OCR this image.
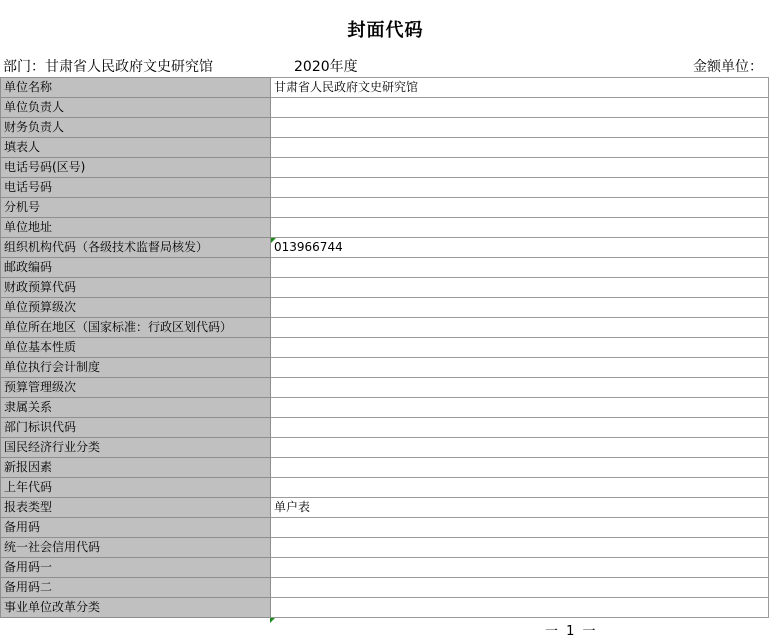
封面代码
部门：甘肃省人民政府文史研究馆	2020年度	金额单位：
单位名称	甘肃省人民政府文史研究馆
单位负责人	
财务负责人	
填表人	
电话号码(区号)	
电话号码	
分机号	
单位地址	
组织机构代码（各级技术监督局核发）	013966744
邮政编码	
财政预算代码	
单位预算级次	
单位所在地区（国家标准：行政区划代码）	
单位基本性质	
单位执行会计制度	
预算管理级次	
隶属关系	
部门标识代码	
国民经济行业分类	
新报因素	
上年代码	
报表类型	单户表
备用码	
统一社会信用代码	
备用码一	
备用码二	
事业单位改革分类	
一 1 一
